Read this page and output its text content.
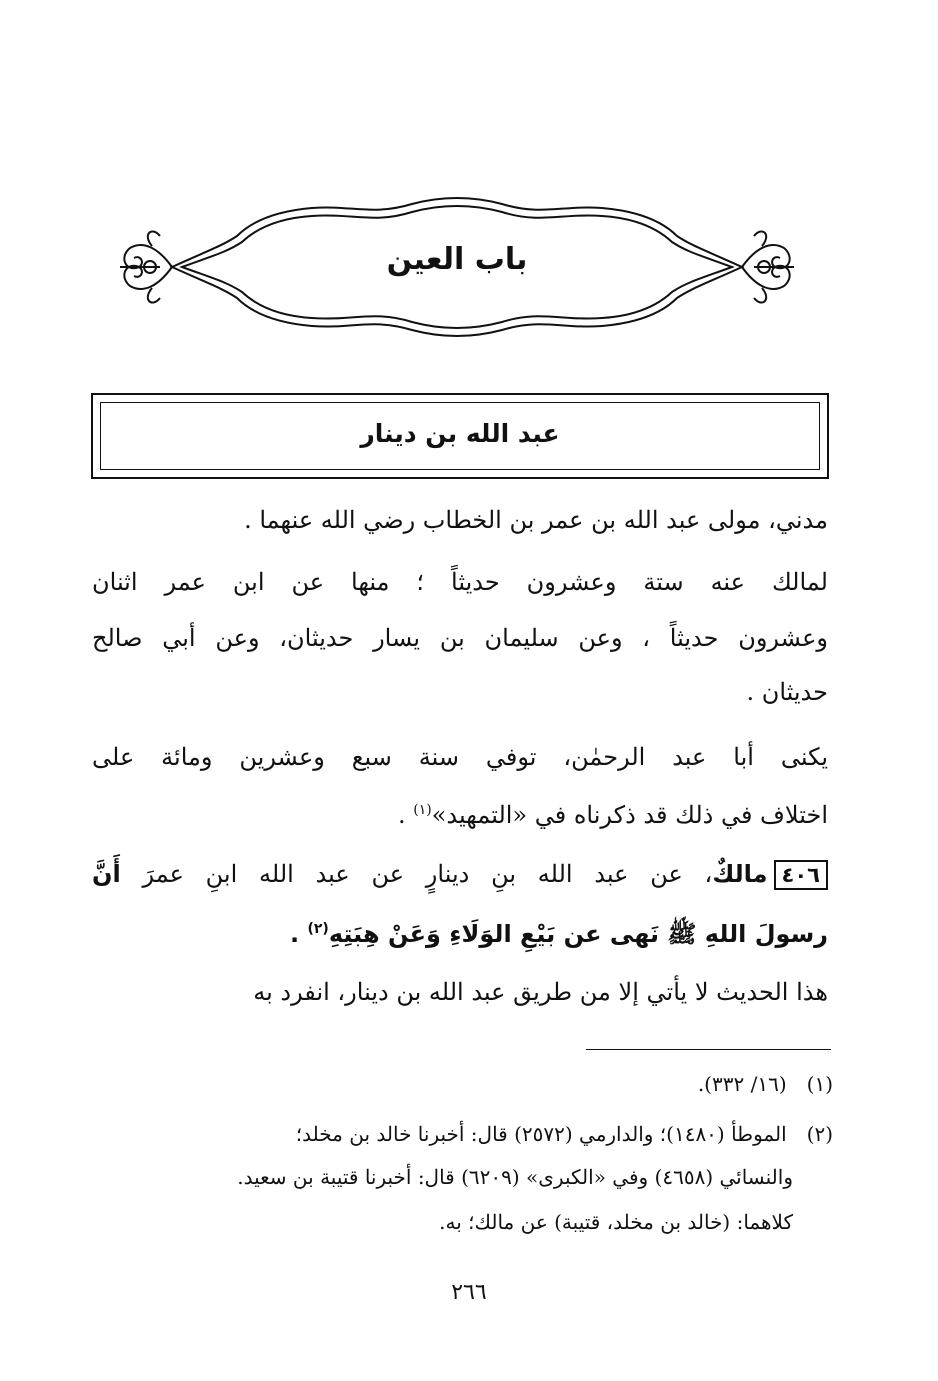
باب العين
عبد الله بن دينار
مدني، مولى عبد الله بن عمر بن الخطاب رضي الله عنهما .
لمالك عنه ستة وعشرون حديثاً ؛ منها عن ابن عمر اثنان
وعشرون حديثاً ، وعن سليمان بن يسار حديثان، وعن أبي صالح
حديثان .
يكنى أبا عبد الرحمٰن، توفي سنة سبع وعشرين ومائة على
اختلاف في ذلك قد ذكرناه في «التمهيد»$^{(١)}$ .
٤٠٦مالكٌ، عن عبد الله بنِ دينارٍ عن عبد الله ابنِ عمرَ أَنَّ
رسولَ اللهِ ﷺ نَهى عن بَيْعِ الوَلَاءِ وَعَنْ هِبَتِهِ$^{(٢)}$ .
هذا الحديث لا يأتي إلا من طريق عبد الله بن دينار، انفرد به
(١) (١٦/ ٣٣٢).
(٢) الموطأ (١٤٨٠)؛ والدارمي (٢٥٧٢) قال: أخبرنا خالد بن مخلد؛
والنسائي (٤٦٥٨) وفي «الكبرى» (٦٢٠٩) قال: أخبرنا قتيبة بن سعيد.
كلاهما: (خالد بن مخلد، قتيبة) عن مالك؛ به.
٢٦٦
